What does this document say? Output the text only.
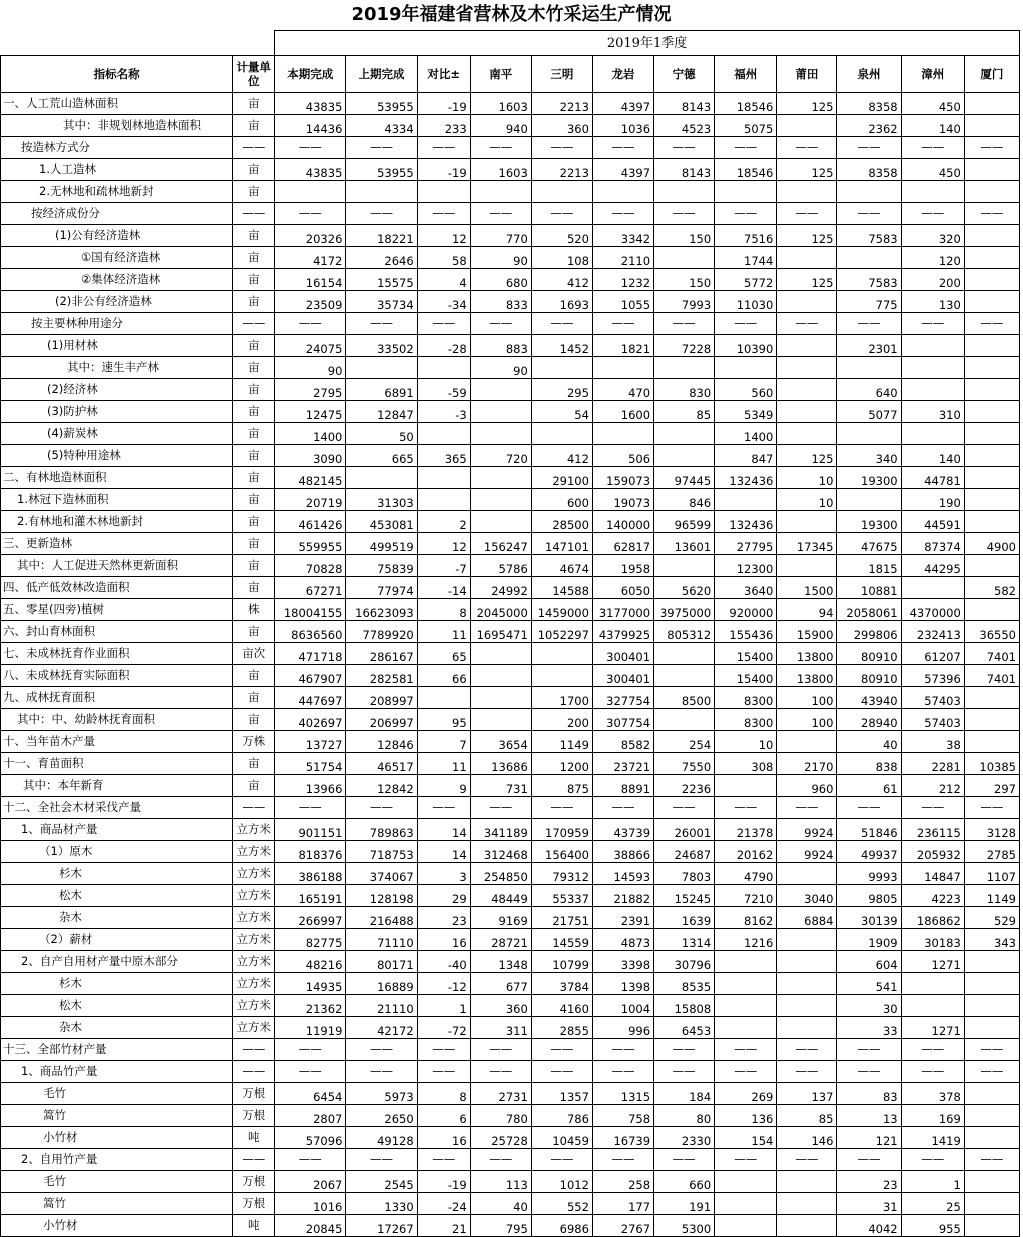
2019年福建省营林及木竹采运生产情况
		2019年1季度											
指标名称	计量单位	本期完成	上期完成	对比±	南平	三明	龙岩	宁德	福州	莆田	泉州	漳州	厦门
一、人工荒山造林面积	亩	43835	53955	-19	1603	2213	4397	8143	18546	125	8358	450	
其中：非规划林地造林面积	亩	14436	4334	233	940	360	1036	4523	5075		2362	140	
按造林方式分	——	——	——	——	——	——	——	——	——	——	——	——	——
1.人工造林	亩	43835	53955	-19	1603	2213	4397	8143	18546	125	8358	450	
2.无林地和疏林地新封	亩												
按经济成份分	——	——	——	——	——	——	——	——	——	——	——	——	——
(1)公有经济造林	亩	20326	18221	12	770	520	3342	150	7516	125	7583	320	
①国有经济造林	亩	4172	2646	58	90	108	2110		1744			120	
②集体经济造林	亩	16154	15575	4	680	412	1232	150	5772	125	7583	200	
(2)非公有经济造林	亩	23509	35734	-34	833	1693	1055	7993	11030		775	130	
按主要林种用途分	——	——	——	——	——	——	——	——	——	——	——	——	——
(1)用材林	亩	24075	33502	-28	883	1452	1821	7228	10390		2301		
其中：速生丰产林	亩	90			90								
(2)经济林	亩	2795	6891	-59		295	470	830	560		640		
(3)防护林	亩	12475	12847	-3		54	1600	85	5349		5077	310	
(4)薪炭林	亩	1400	50						1400				
(5)特种用途林	亩	3090	665	365	720	412	506		847	125	340	140	
二、有林地造林面积	亩	482145				29100	159073	97445	132436	10	19300	44781	
1.林冠下造林面积	亩	20719	31303			600	19073	846		10		190	
2.有林地和灌木林地新封	亩	461426	453081	2		28500	140000	96599	132436		19300	44591	
三、更新造林	亩	559955	499519	12	156247	147101	62817	13601	27795	17345	47675	87374	4900
其中：人工促进天然林更新面积	亩	70828	75839	-7	5786	4674	1958		12300		1815	44295	
四、低产低效林改造面积	亩	67271	77974	-14	24992	14588	6050	5620	3640	1500	10881		582
五、零星(四旁)植树	株	18004155	16623093	8	2045000	1459000	3177000	3975000	920000	94	2058061	4370000	
六、封山育林面积	亩	8636560	7789920	11	1695471	1052297	4379925	805312	155436	15900	299806	232413	36550
七、未成林抚育作业面积	亩次	471718	286167	65			300401		15400	13800	80910	61207	7401
八、未成林抚育实际面积	亩	467907	282581	66			300401		15400	13800	80910	57396	7401
九、成林抚育面积	亩	447697	208997			1700	327754	8500	8300	100	43940	57403	
其中：中、幼龄林抚育面积	亩	402697	206997	95		200	307754		8300	100	28940	57403	
十、当年苗木产量	万株	13727	12846	7	3654	1149	8582	254	10		40	38	
十一、育苗面积	亩	51754	46517	11	13686	1200	23721	7550	308	2170	838	2281	10385
其中：本年新育	亩	13966	12842	9	731	875	8891	2236		960	61	212	297
十二、全社会木材采伐产量	——	——	——	——	——	——	——	——	——	——	——	——	——
1、商品材产量	立方米	901151	789863	14	341189	170959	43739	26001	21378	9924	51846	236115	3128
（1）原木	立方米	818376	718753	14	312468	156400	38866	24687	20162	9924	49937	205932	2785
杉木	立方米	386188	374067	3	254850	79312	14593	7803	4790		9993	14847	1107
松木	立方米	165191	128198	29	48449	55337	21882	15245	7210	3040	9805	4223	1149
杂木	立方米	266997	216488	23	9169	21751	2391	1639	8162	6884	30139	186862	529
（2）薪材	立方米	82775	71110	16	28721	14559	4873	1314	1216		1909	30183	343
2、自产自用材产量中原木部分	立方米	48216	80171	-40	1348	10799	3398	30796			604	1271	
杉木	立方米	14935	16889	-12	677	3784	1398	8535			541		
松木	立方米	21362	21110	1	360	4160	1004	15808			30		
杂木	立方米	11919	42172	-72	311	2855	996	6453			33	1271	
十三、全部竹材产量	——	——	——	——	——	——	——	——	——	——	——	——	——
1、商品竹产量	——	——	——	——	——	——	——	——	——	——	——	——	——
毛竹	万根	6454	5973	8	2731	1357	1315	184	269	137	83	378	
篙竹	万根	2807	2650	6	780	786	758	80	136	85	13	169	
小竹材	吨	57096	49128	16	25728	10459	16739	2330	154	146	121	1419	
2、自用竹产量	——	——	——	——	——	——	——	——	——	——	——	——	——
毛竹	万根	2067	2545	-19	113	1012	258	660			23	1	
篙竹	万根	1016	1330	-24	40	552	177	191			31	25	
小竹材	吨	20845	17267	21	795	6986	2767	5300			4042	955	
